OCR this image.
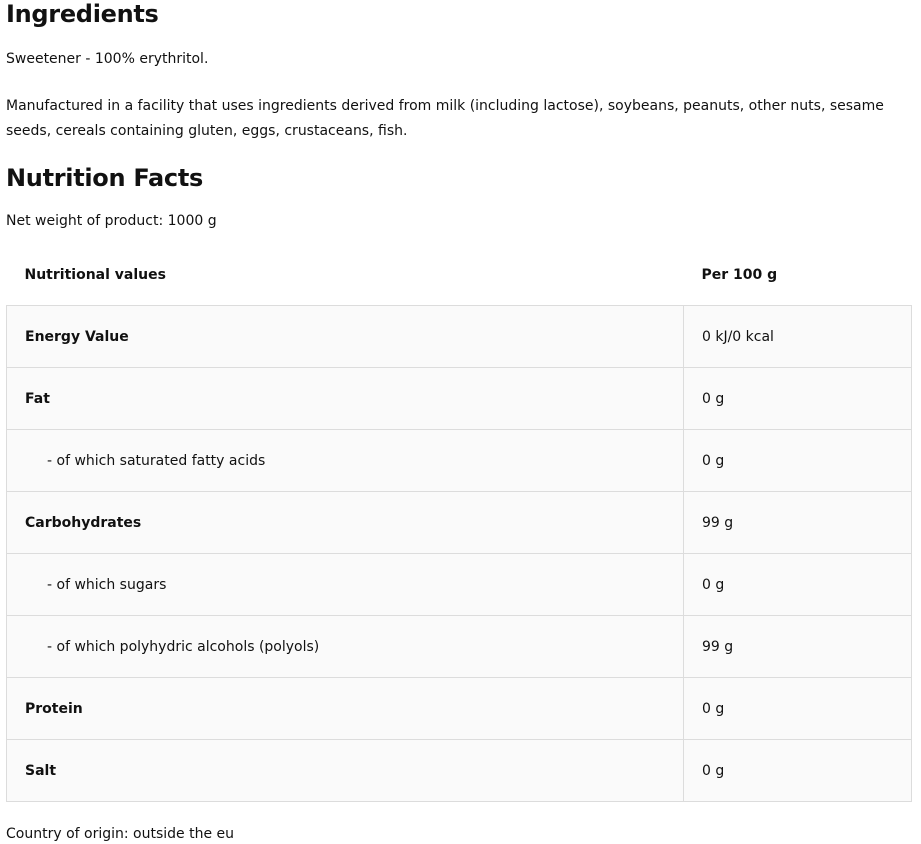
Ingredients

Sweetener - 100% erythritol.

Manufactured in a facility that uses ingredients derived from milk (including lactose), soybeans, peanuts, other nuts, sesame seeds, cereals containing gluten, eggs, crustaceans, fish.

Nutrition Facts

Net weight of product: 1000 g

Nutritional values	Per 100 g
Energy Value	0 kJ/0 kcal
Fat	0 g
- of which saturated fatty acids	0 g
Carbohydrates	99 g
- of which sugars	0 g
- of which polyhydric alcohols (polyols)	99 g
Protein	0 g
Salt	0 g

Country of origin: outside the eu
